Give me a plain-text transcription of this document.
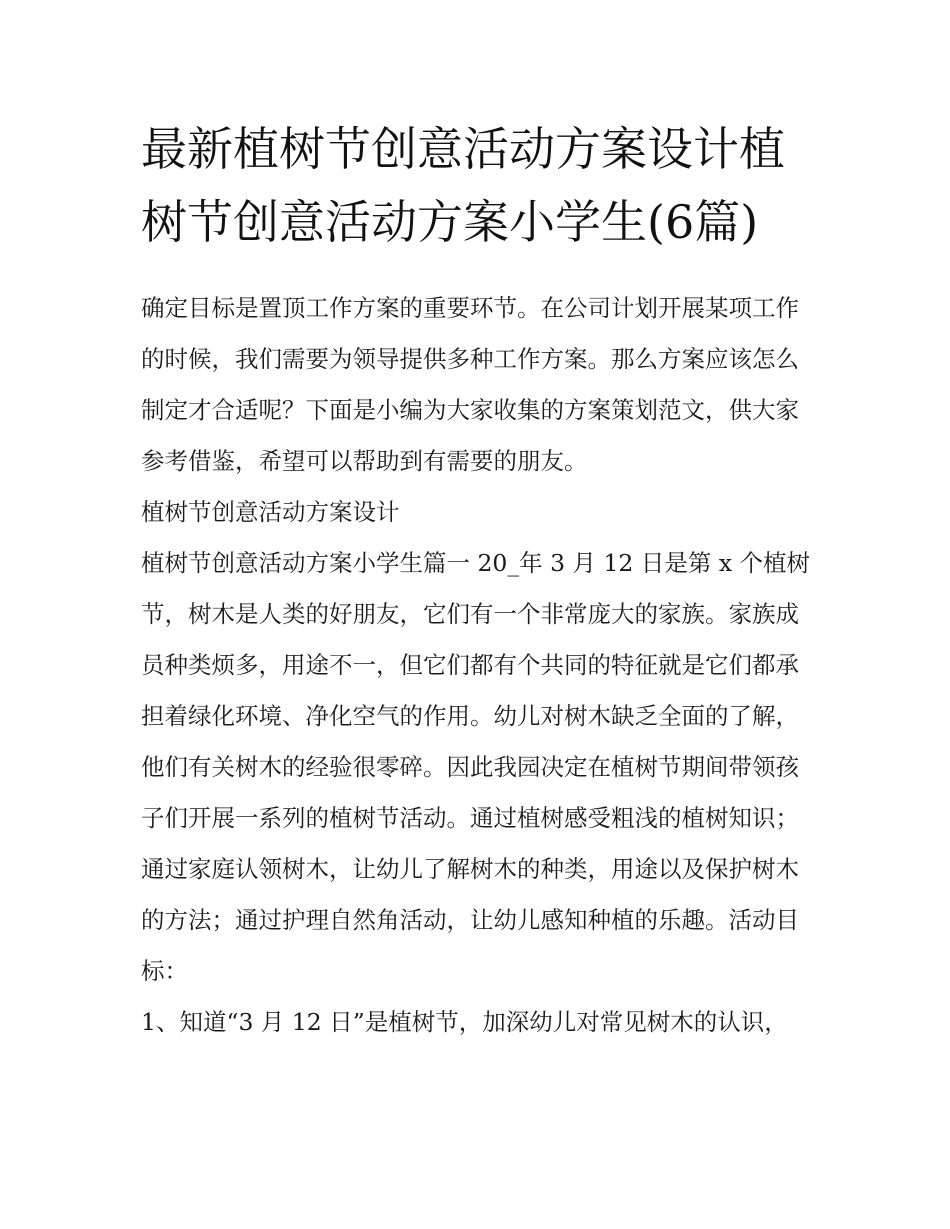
最新植树节创意活动方案设计植树节创意活动方案小学生(6篇)

确定目标是置顶工作方案的重要环节。在公司计划开展某项工作的时候，我们需要为领导提供多种工作方案。那么方案应该怎么制定才合适呢？下面是小编为大家收集的方案策划范文，供大家参考借鉴，希望可以帮助到有需要的朋友。

植树节创意活动方案设计

植树节创意活动方案小学生篇一 20_年 3 月 12 日是第 x 个植树节，树木是人类的好朋友，它们有一个非常庞大的家族。家族成员种类烦多，用途不一，但它们都有个共同的特征就是它们都承担着绿化环境、净化空气的作用。幼儿对树木缺乏全面的了解，他们有关树木的经验很零碎。因此我园决定在植树节期间带领孩子们开展一系列的植树节活动。通过植树感受粗浅的植树知识；通过家庭认领树木，让幼儿了解树木的种类，用途以及保护树木的方法；通过护理自然角活动，让幼儿感知种植的乐趣。活动目标：

1、知道“3 月 12 日”是植树节，加深幼儿对常见树木的认识，
